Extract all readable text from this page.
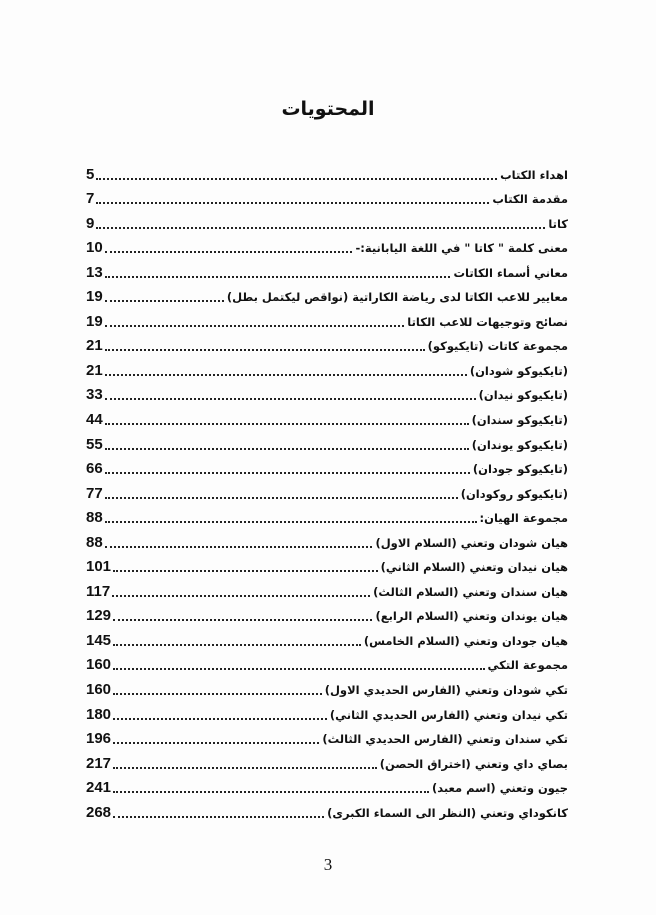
المحتويات
5	اهداء الكتاب
7	مقدمة الكتاب
9	كاتا
10	معنى كلمة " كاتا " في اللغة اليابانية:-
13	معاني أسماء الكاتات
19	معايير للاعب الكاتا لدى رياضة الكاراتية (نواقص ليكتمل بطل)
19	نصائح وتوجيهات للاعب الكاتا
21	مجموعة كاتات (تايكيوكو)
21	(تايكيوكو شودان)
33	(تايكيوكو نيدان)
44	(تايكيوكو سندان)
55	(تايكيوكو يوندان)
66	(تايكيوكو جودان)
77	(تايكيوكو روكودان)
88	مجموعة الهيان:
88	هيان شودان وتعني (السلام الاول)
101	هيان نيدان وتعني (السلام الثاني)
117	هيان سندان وتعني (السلام الثالث)
129	هيان يوندان وتعني (السلام الرابع)
145	هيان جودان وتعني (السلام الخامس)
160	مجموعة التكي
160	تكي شودان وتعني (الفارس الحديدي الاول)
180	تكي نيدان وتعني (الفارس الحديدي الثاني)
196	تكي سندان وتعني (الفارس الحديدي الثالث)
217	بصاي داي وتعني (اختراق الحصن)
241	جيون وتعني (اسم معبد)
268	كانكوداي وتعني (النظر الى السماء الكبرى)
3
